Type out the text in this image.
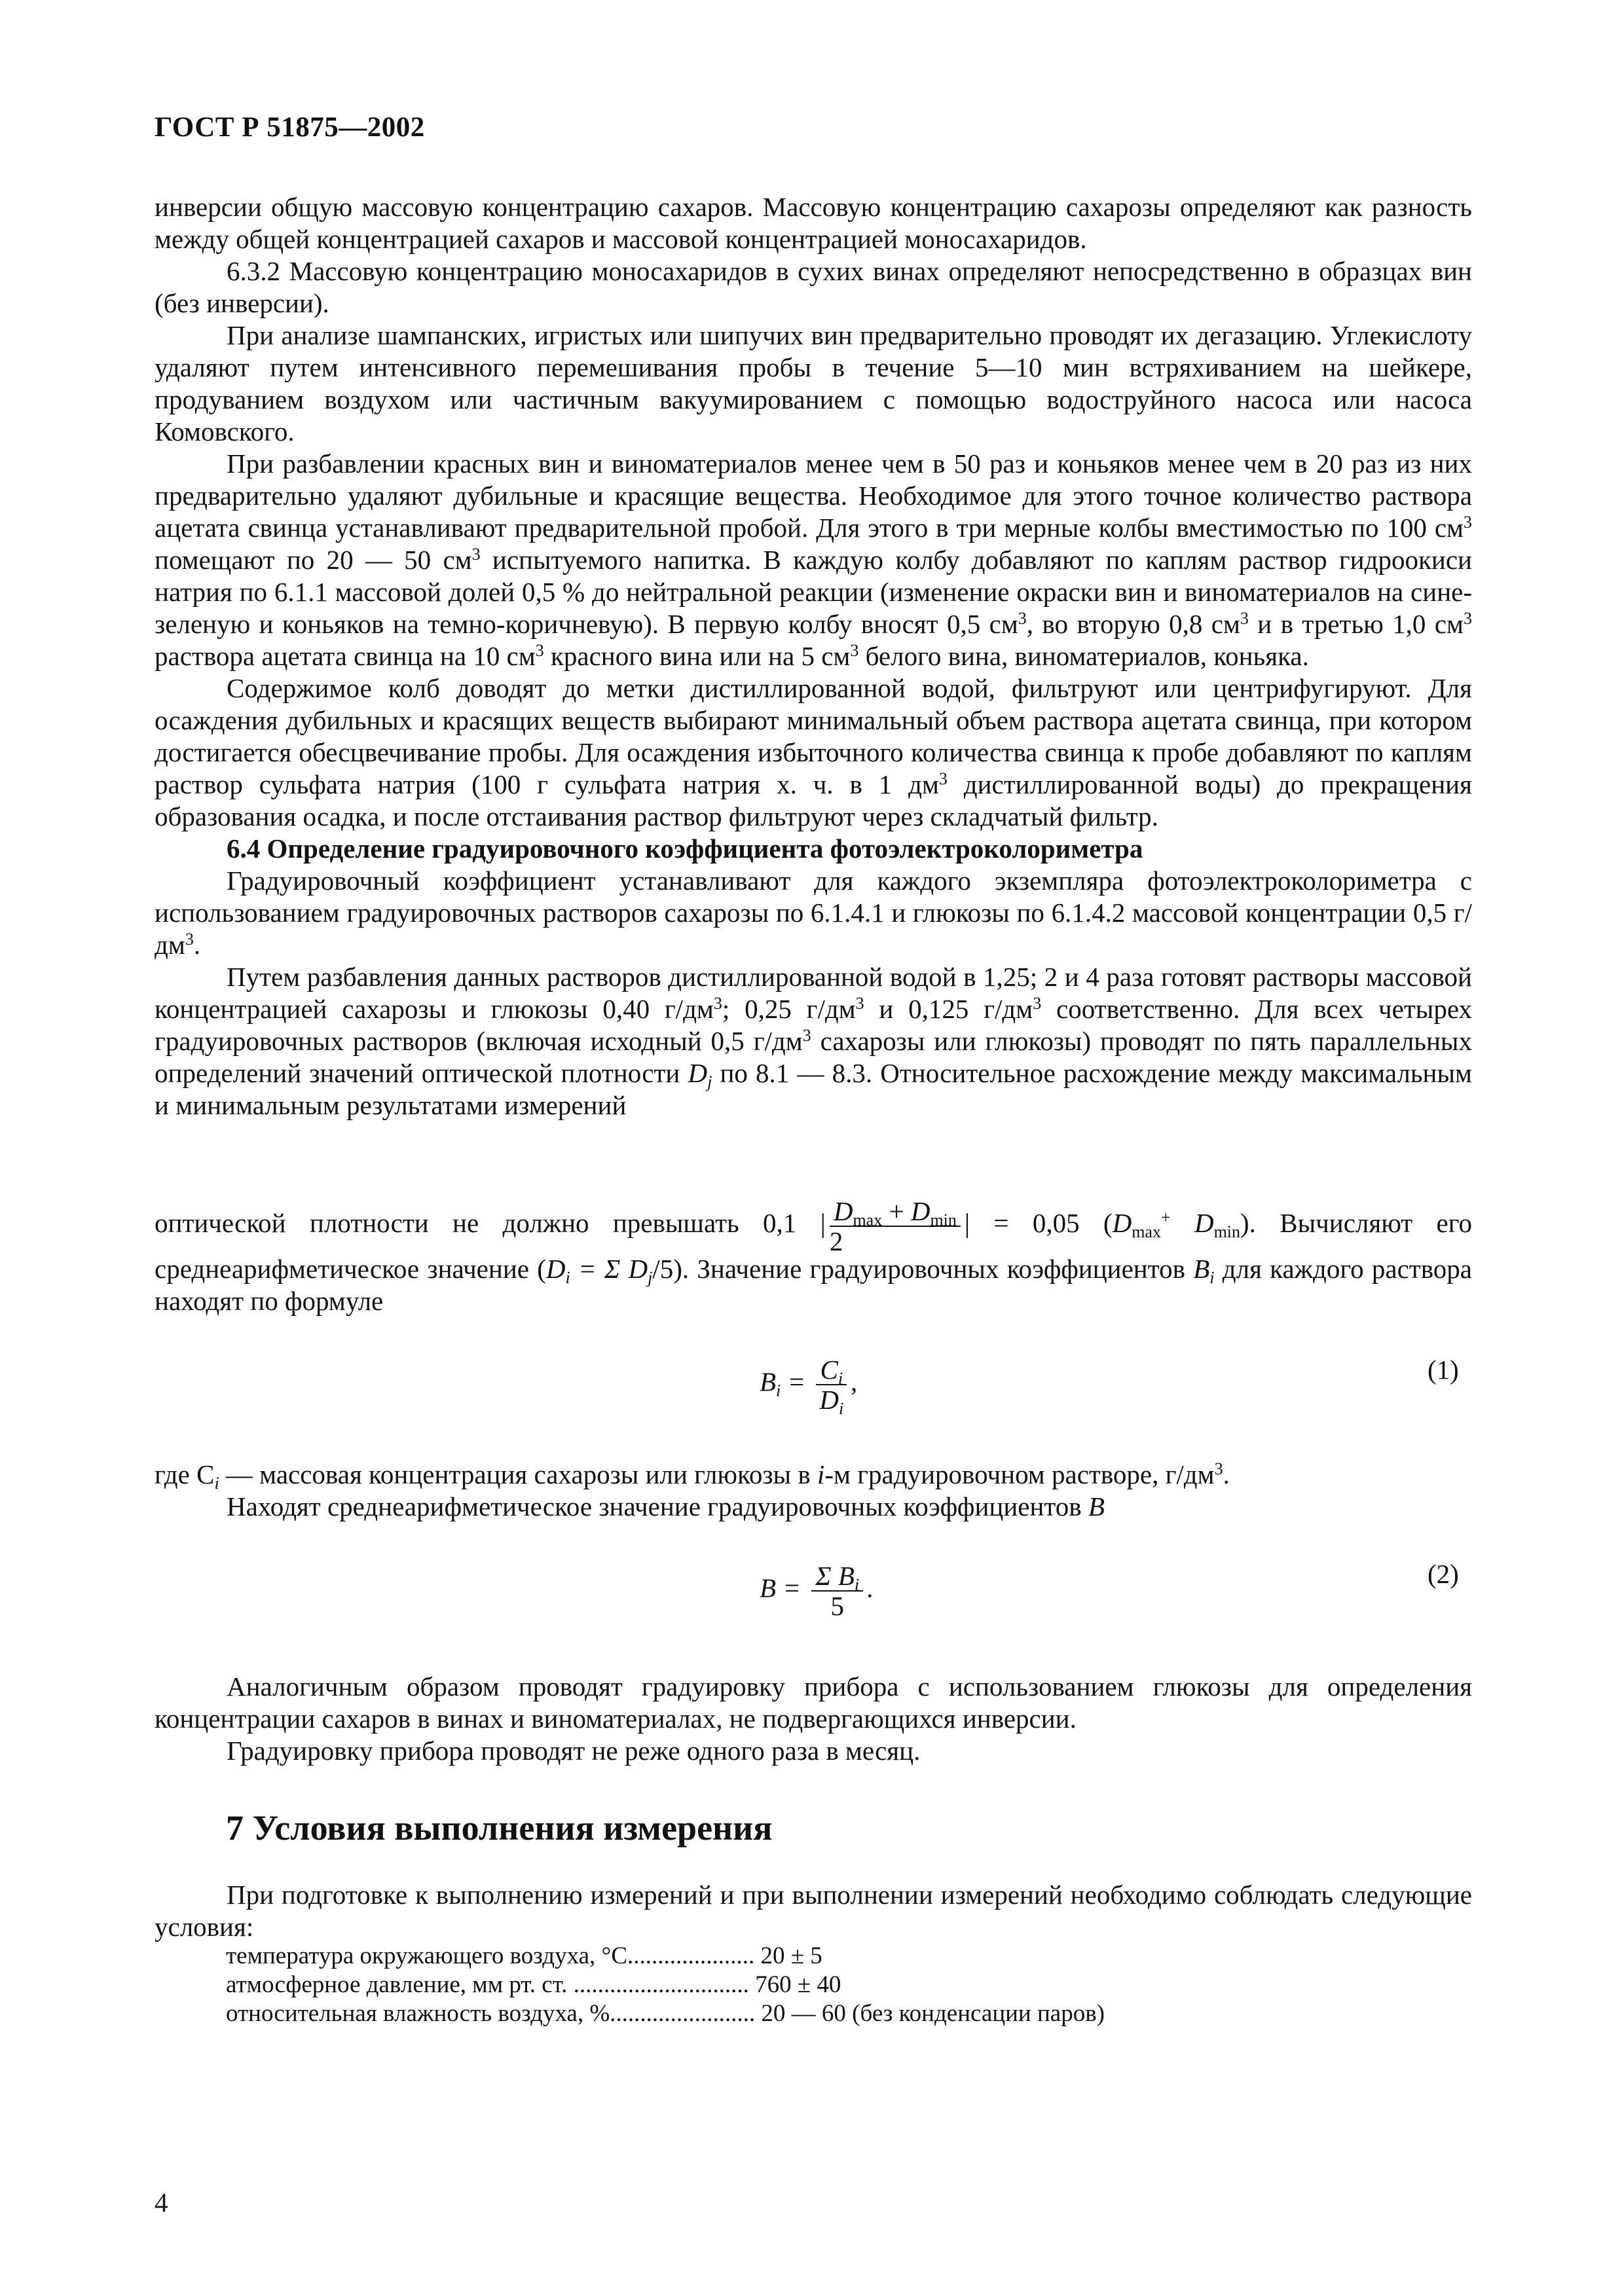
ГОСТ Р 51875—2002

инверсии общую массовую концентрацию сахаров. Массовую концентрацию сахарозы определяют как разность между общей концентрацией сахаров и массовой концентрацией моносахаридов.

6.3.2 Массовую концентрацию моносахаридов в сухих винах определяют непосредственно в образцах вин (без инверсии).

При анализе шампанских, игристых или шипучих вин предварительно проводят их дегазацию. Углекислоту удаляют путем интенсивного перемешивания пробы в течение 5—10 мин встряхиванием на шейкере, продуванием воздухом или частичным вакуумированием с помощью водоструйного насоса или насоса Комовского.

При разбавлении красных вин и виноматериалов менее чем в 50 раз и коньяков менее чем в 20 раз из них предварительно удаляют дубильные и красящие вещества. Необходимое для этого точное количество раствора ацетата свинца устанавливают предварительной пробой. Для этого в три мерные колбы вместимостью по 100 $см^3$ помещают по 20 — 50 $см^3$ испытуемого напитка. В каждую колбу добавляют по каплям раствор гидроокиси натрия по 6.1.1 массовой долей 0,5 % до нейтральной реакции (изменение окраски вин и виноматериалов на сине-зеленую и коньяков на темно-коричневую). В первую колбу вносят 0,5 $см^3$, во вторую 0,8 $см^3$ и в третью 1,0 $см^3$ раствора ацетата свинца на 10 $см^3$ красного вина или на 5 $см^3$ белого вина, виноматериалов, коньяка.

Содержимое колб доводят до метки дистиллированной водой, фильтруют или центрифугируют. Для осаждения дубильных и красящих веществ выбирают минимальный объем раствора ацетата свинца, при котором достигается обесцвечивание пробы. Для осаждения избыточного количества свинца к пробе добавляют по каплям раствор сульфата натрия (100 г сульфата натрия х. ч. в 1 $дм^3$ дистиллированной воды) до прекращения образования осадка, и после отстаивания раствор фильтруют через складчатый фильтр.

6.4 Определение градуировочного коэффициента фотоэлектроколориметра

Градуировочный коэффициент устанавливают для каждого экземпляра фотоэлектроколориметра с использованием градуировочных растворов сахарозы по 6.1.4.1 и глюкозы по 6.1.4.2 массовой концентрации 0,5 $г/дм^3$.

Путем разбавления данных растворов дистиллированной водой в 1,25; 2 и 4 раза готовят растворы массовой концентрацией сахарозы и глюкозы 0,40 $г/дм^3$; 0,25 $г/дм^3$ и 0,125 $г/дм^3$ соответственно. Для всех четырех градуировочных растворов (включая исходный 0,5 $г/дм^3$ сахарозы или глюкозы) проводят по пять параллельных определений значений оптической плотности $D_j$ по 8.1 — 8.3. Относительное расхождение между максимальным и минимальным результатами измерений

оптической плотности не должно превышать 0,1 | $\frac{D_{max} + D_{min}}{2}$ | = 0,05 ($D_{max}^+$ $D_{min}$). Вычисляют его

среднеарифметическое значение ($D_i = \Sigma$ $D_j/5$). Значение градуировочных коэффициентов $B_i$ для каждого раствора находят по формуле

$B_i = \frac{C_i}{D_i}$ ,	(1)

где $C_i$ — массовая концентрация сахарозы или глюкозы в i-м градуировочном растворе, $г/дм^3$.

Находят среднеарифметическое значение градуировочных коэффициентов B

$B = \frac{\Sigma B_i}{5}$ .	(2)

Аналогичным образом проводят градуировку прибора с использованием глюкозы для определения концентрации сахаров в винах и виноматериалах, не подвергающихся инверсии.

Градуировку прибора проводят не реже одного раза в месяц.

7 Условия выполнения измерения

При подготовке к выполнению измерений и при выполнении измерений необходимо соблюдать следующие условия:

температура окружающего воздуха, °С..................... 20 ± 5
атмосферное давление, мм рт. ст. ............................. 760 ± 40
относительная влажность воздуха, %........................ 20 — 60 (без конденсации паров)
4
